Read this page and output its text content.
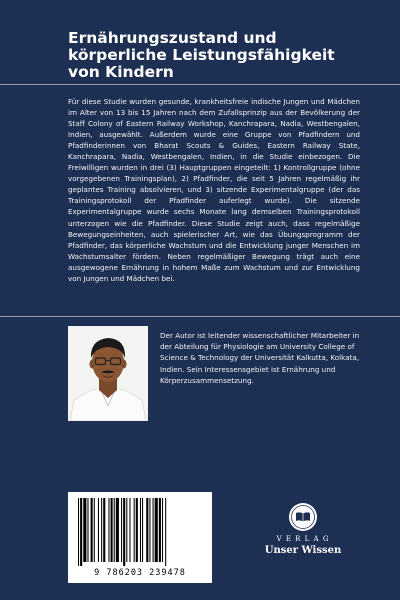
Ernährungszustand und
körperliche Leistungsfähigkeit
von Kindern

Für diese Studie wurden gesunde, krankheitsfreie indische Jungen und Mädchen im Alter von 13 bis 15 Jahren nach dem Zufallsprinzip aus der Bevölkerung der Staff Colony of Eastern Railway Workshop, Kanchrapara, Nadia, Westbengalen, Indien, ausgewählt. Außerdem wurde eine Gruppe von Pfadfindern und Pfadfinderinnen von Bharat Scouts & Guides, Eastern Railway State, Kanchrapara, Nadia, Westbengalen, Indien, in die Studie einbezogen. Die Freiwilligen wurden in drei (3) Hauptgruppen eingeteilt: 1) Kontrollgruppe (ohne vorgegebenen Trainingsplan), 2) Pfadfinder, die seit 5 Jahren regelmäßig ihr geplantes Training absolvieren, und 3) sitzende Experimentalgruppe (der das Trainingsprotokoll der Pfadfinder auferlegt wurde). Die sitzende Experimentalgruppe wurde sechs Monate lang demselben Trainingsprotokoll unterzogen wie die Pfadfinder. Diese Studie zeigt auch, dass regelmäßige Bewegungseinheiten, auch spielerischer Art, wie das Übungsprogramm der Pfadfinder, das körperliche Wachstum und die Entwicklung junger Menschen im Wachstumsalter fördern. Neben regelmäßiger Bewegung trägt auch eine ausgewogene Ernährung in hohem Maße zum Wachstum und zur Entwicklung von Jungen und Mädchen bei.

Der Autor ist leitender wissenschaftlicher Mitarbeiter in der Abteilung für Physiologie am University College of Science & Technology der Universität Kalkutta, Kolkata, Indien. Sein Interessensgebiet ist Ernährung und Körperzusammensetzung.

9 786203 239478
V E R L A G
Unser Wissen
